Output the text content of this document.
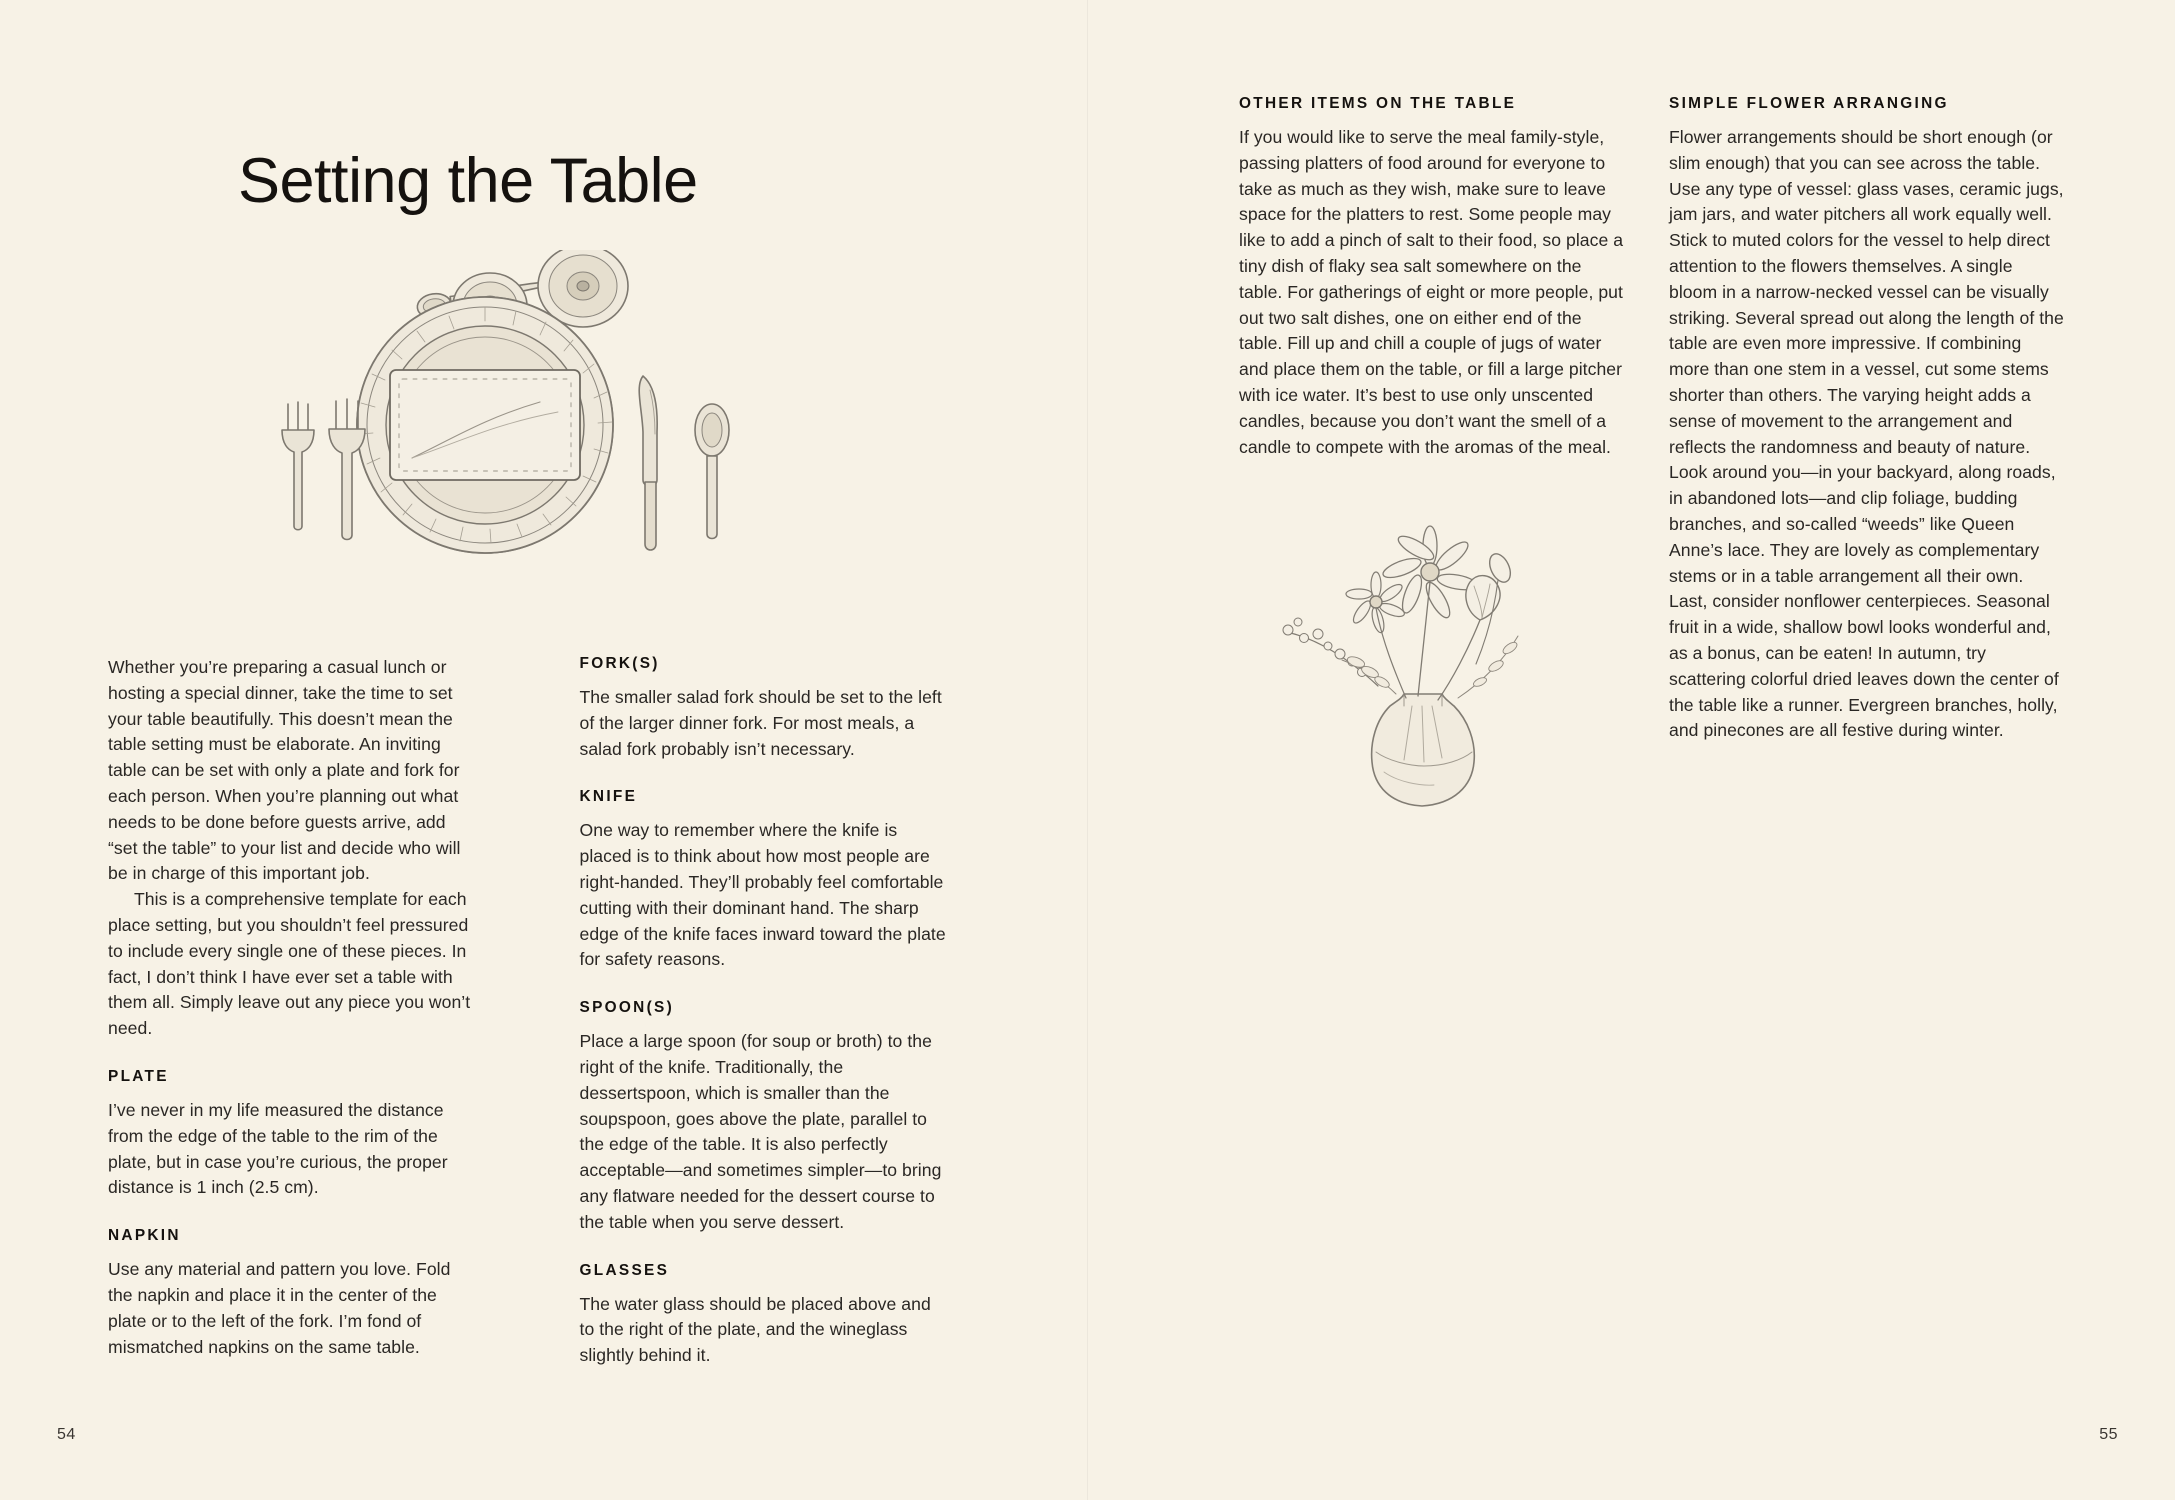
Setting the Table

Whether you’re preparing a casual lunch or hosting a special dinner, take the time to set your table beautifully. This doesn’t mean the table setting must be elaborate. An inviting table can be set with only a plate and fork for each person. When you’re planning out what needs to be done before guests arrive, add “set the table” to your list and decide who will be in charge of this important job.

This is a comprehensive template for each place setting, but you shouldn’t feel pressured to include every single one of these pieces. In fact, I don’t think I have ever set a table with them all. Simply leave out any piece you won’t need.

PLATE

I’ve never in my life measured the distance from the edge of the table to the rim of the plate, but in case you’re curious, the proper distance is 1 inch (2.5 cm).

NAPKIN

Use any material and pattern you love. Fold the napkin and place it in the center of the plate or to the left of the fork. I’m fond of mismatched napkins on the same table.

FORK(S)

The smaller salad fork should be set to the left of the larger dinner fork. For most meals, a salad fork probably isn’t necessary.

KNIFE

One way to remember where the knife is placed is to think about how most people are right-handed. They’ll probably feel comfortable cutting with their dominant hand. The sharp edge of the knife faces inward toward the plate for safety reasons.

SPOON(S)

Place a large spoon (for soup or broth) to the right of the knife. Traditionally, the dessertspoon, which is smaller than the soupspoon, goes above the plate, parallel to the edge of the table. It is also perfectly acceptable—and sometimes simpler—to bring any flatware needed for the dessert course to the table when you serve dessert.

GLASSES

The water glass should be placed above and to the right of the plate, and the wineglass slightly behind it.

54
OTHER ITEMS ON THE TABLE

If you would like to serve the meal family-style, passing platters of food around for everyone to take as much as they wish, make sure to leave space for the platters to rest. Some people may like to add a pinch of salt to their food, so place a tiny dish of flaky sea salt somewhere on the table. For gatherings of eight or more people, put out two salt dishes, one on either end of the table. Fill up and chill a couple of jugs of water and place them on the table, or fill a large pitcher with ice water. It’s best to use only unscented candles, because you don’t want the smell of a candle to compete with the aromas of the meal.

SIMPLE FLOWER ARRANGING

Flower arrangements should be short enough (or slim enough) that you can see across the table. Use any type of vessel: glass vases, ceramic jugs, jam jars, and water pitchers all work equally well. Stick to muted colors for the vessel to help direct attention to the flowers themselves. A single bloom in a narrow-necked vessel can be visually striking. Several spread out along the length of the table are even more impressive. If combining more than one stem in a vessel, cut some stems shorter than others. The varying height adds a sense of movement to the arrangement and reflects the randomness and beauty of nature. Look around you—in your backyard, along roads, in abandoned lots—and clip foliage, budding branches, and so-called “weeds” like Queen Anne’s lace. They are lovely as complementary stems or in a table arrangement all their own. Last, consider nonflower centerpieces. Seasonal fruit in a wide, shallow bowl looks wonderful and, as a bonus, can be eaten! In autumn, try scattering colorful dried leaves down the center of the table like a runner. Evergreen branches, holly, and pinecones are all festive during winter.

55
